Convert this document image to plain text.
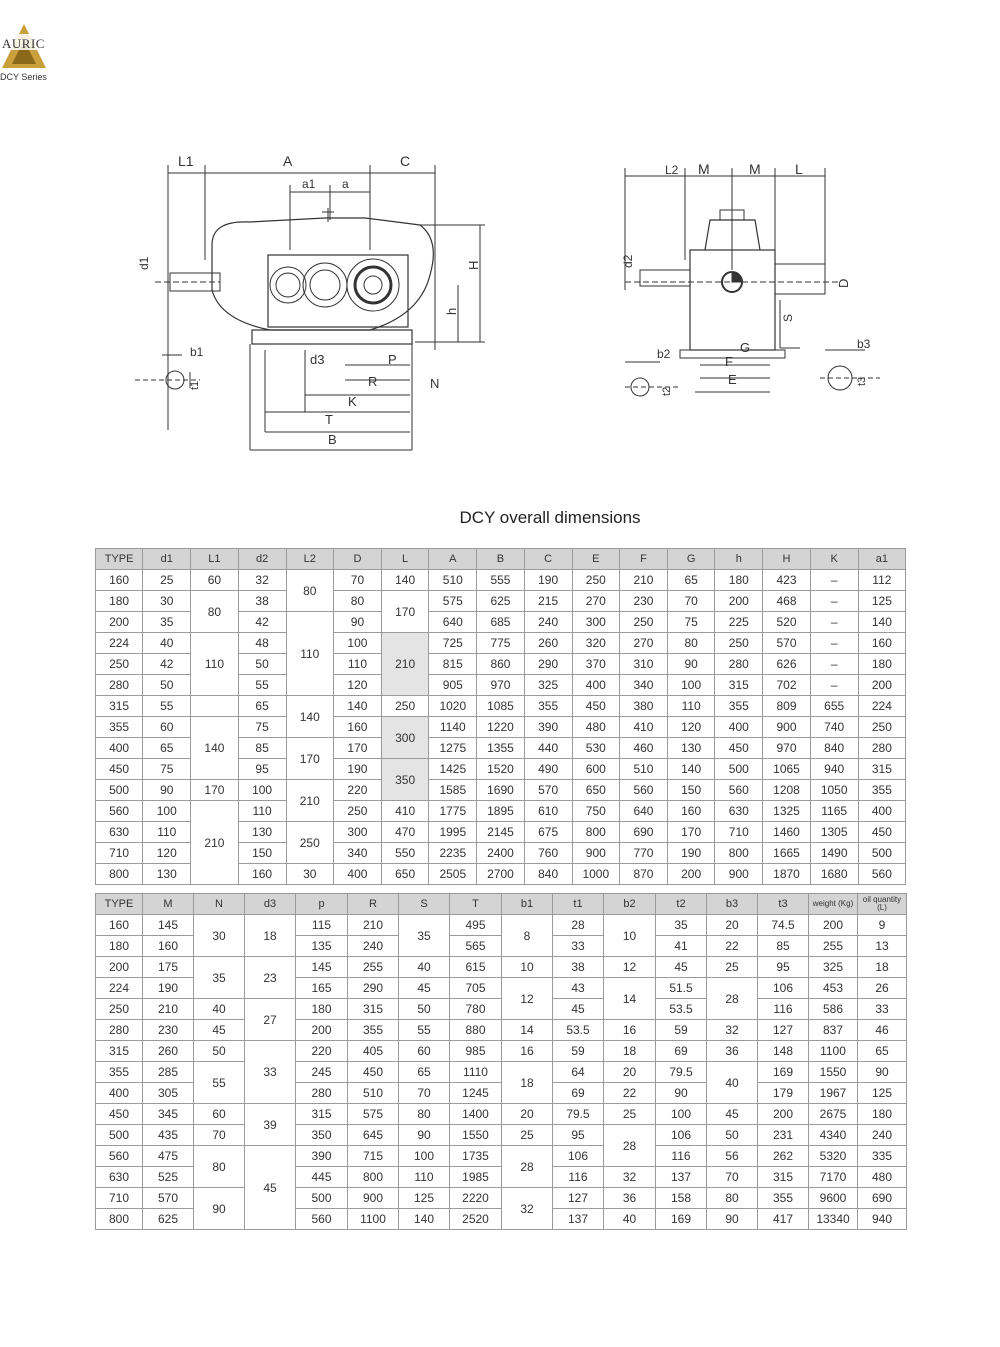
AURIC
DCY Series
L1	A	C
a1 a
d1	H
h
b1
t1
d3	P
R	N
K
T
B
L2 M	M L
d2
D
S
G
F
E
b2
t2
b3
t3
DCY overall dimensions
TYPE	d1	L1	d2	L2	D	L	A	B	C	E	F	G	h	H	K	a1
160	25	60	32	80	70	140	510	555	190	250	210	65	180	423	–	112
180	30	80	38		80	170	575	625	215	270	230	70	200	468	–	125
200	35		42	110	90		640	685	240	300	250	75	225	520	–	140
224	40	110	48		100	210	725	775	260	320	270	80	250	570	–	160
250	42		50		110		815	860	290	370	310	90	280	626	–	180
280	50		55		120		905	970	325	400	340	100	315	702	–	200
315	55		65	140	140	250	1020	1085	355	450	380	110	355	809	655	224
355	60	140	75		160	300	1140	1220	390	480	410	120	400	900	740	250
400	65		85	170	170		1275	1355	440	530	460	130	450	970	840	280
450	75		95		190	350	1425	1520	490	600	510	140	500	1065	940	315
500	90	170	100	210	220		1585	1690	570	650	560	150	560	1208	1050	355
560	100	210	110		250	410	1775	1895	610	750	640	160	630	1325	1165	400
630	110		130	250	300	470	1995	2145	675	800	690	170	710	1460	1305	450
710	120		150		340	550	2235	2400	760	900	770	190	800	1665	1490	500
800	130		160	30	400	650	2505	2700	840	1000	870	200	900	1870	1680	560
TYPE	M	N	d3	p	R	S	T	b1	t1	b2	t2	b3	t3	weight (Kg)	oil quantity (L)
160	145	30	18	115	210	35	495	8	28	10	35	20	74.5	200	9
180	160			135	240		565		33		41	22	85	255	13
200	175	35	23	145	255	40	615	10	38	12	45	25	95	325	18
224	190			165	290	45	705	12	43	14	51.5	28	106	453	26
250	210	40	27	180	315	50	780		45		53.5		116	586	33
280	230	45		200	355	55	880	14	53.5	16	59	32	127	837	46
315	260	50	33	220	405	60	985	16	59	18	69	36	148	1100	65
355	285	55		245	450	65	1110	18	64	20	79.5	40	169	1550	90
400	305			280	510	70	1245		69	22	90		179	1967	125
450	345	60	39	315	575	80	1400	20	79.5	25	100	45	200	2675	180
500	435	70		350	645	90	1550	25	95	28	106	50	231	4340	240
560	475	80	45	390	715	100	1735	28	106		116	56	262	5320	335
630	525			445	800	110	1985		116	32	137	70	315	7170	480
710	570	90		500	900	125	2220	32	127	36	158	80	355	9600	690
800	625			560	1100	140	2520		137	40	169	90	417	13340	940
